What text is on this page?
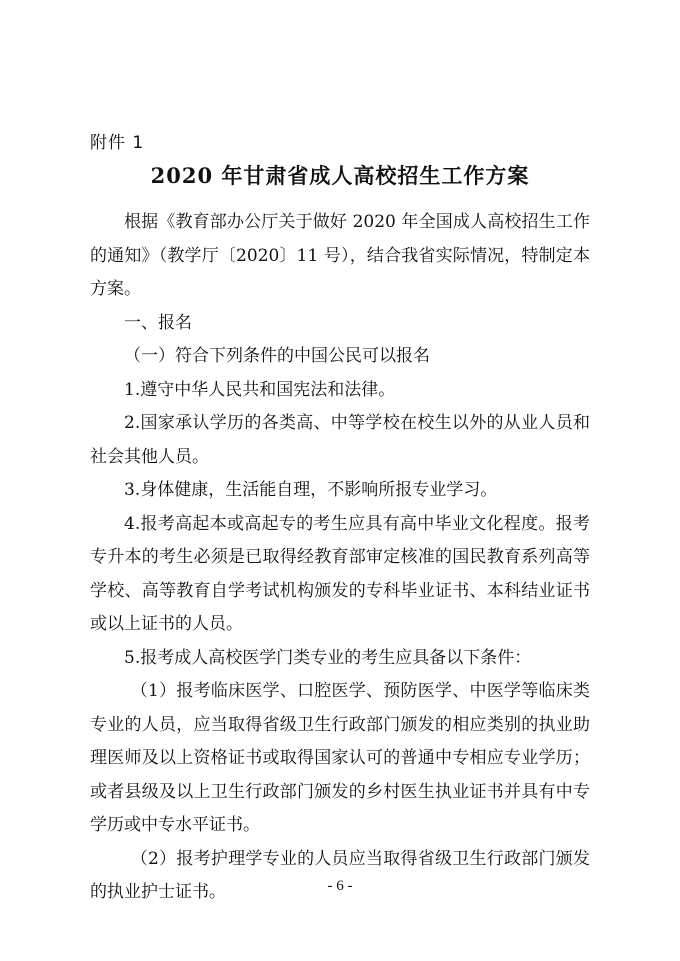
附件 1
2020 年甘肃省成人高校招生工作方案

根据《教育部办公厅关于做好 2020 年全国成人高校招生工作的通知》（教学厅〔2020〕11 号），结合我省实际情况，特制定本方案。

一、报名

（一）符合下列条件的中国公民可以报名

1.遵守中华人民共和国宪法和法律。

2.国家承认学历的各类高、中等学校在校生以外的从业人员和社会其他人员。

3.身体健康，生活能自理，不影响所报专业学习。

4.报考高起本或高起专的考生应具有高中毕业文化程度。报考专升本的考生必须是已取得经教育部审定核准的国民教育系列高等学校、高等教育自学考试机构颁发的专科毕业证书、本科结业证书或以上证书的人员。

5.报考成人高校医学门类专业的考生应具备以下条件：

（1）报考临床医学、口腔医学、预防医学、中医学等临床类专业的人员，应当取得省级卫生行政部门颁发的相应类别的执业助理医师及以上资格证书或取得国家认可的普通中专相应专业学历；或者县级及以上卫生行政部门颁发的乡村医生执业证书并具有中专学历或中专水平证书。

（2）报考护理学专业的人员应当取得省级卫生行政部门颁发的执业护士证书。	- 6 -
